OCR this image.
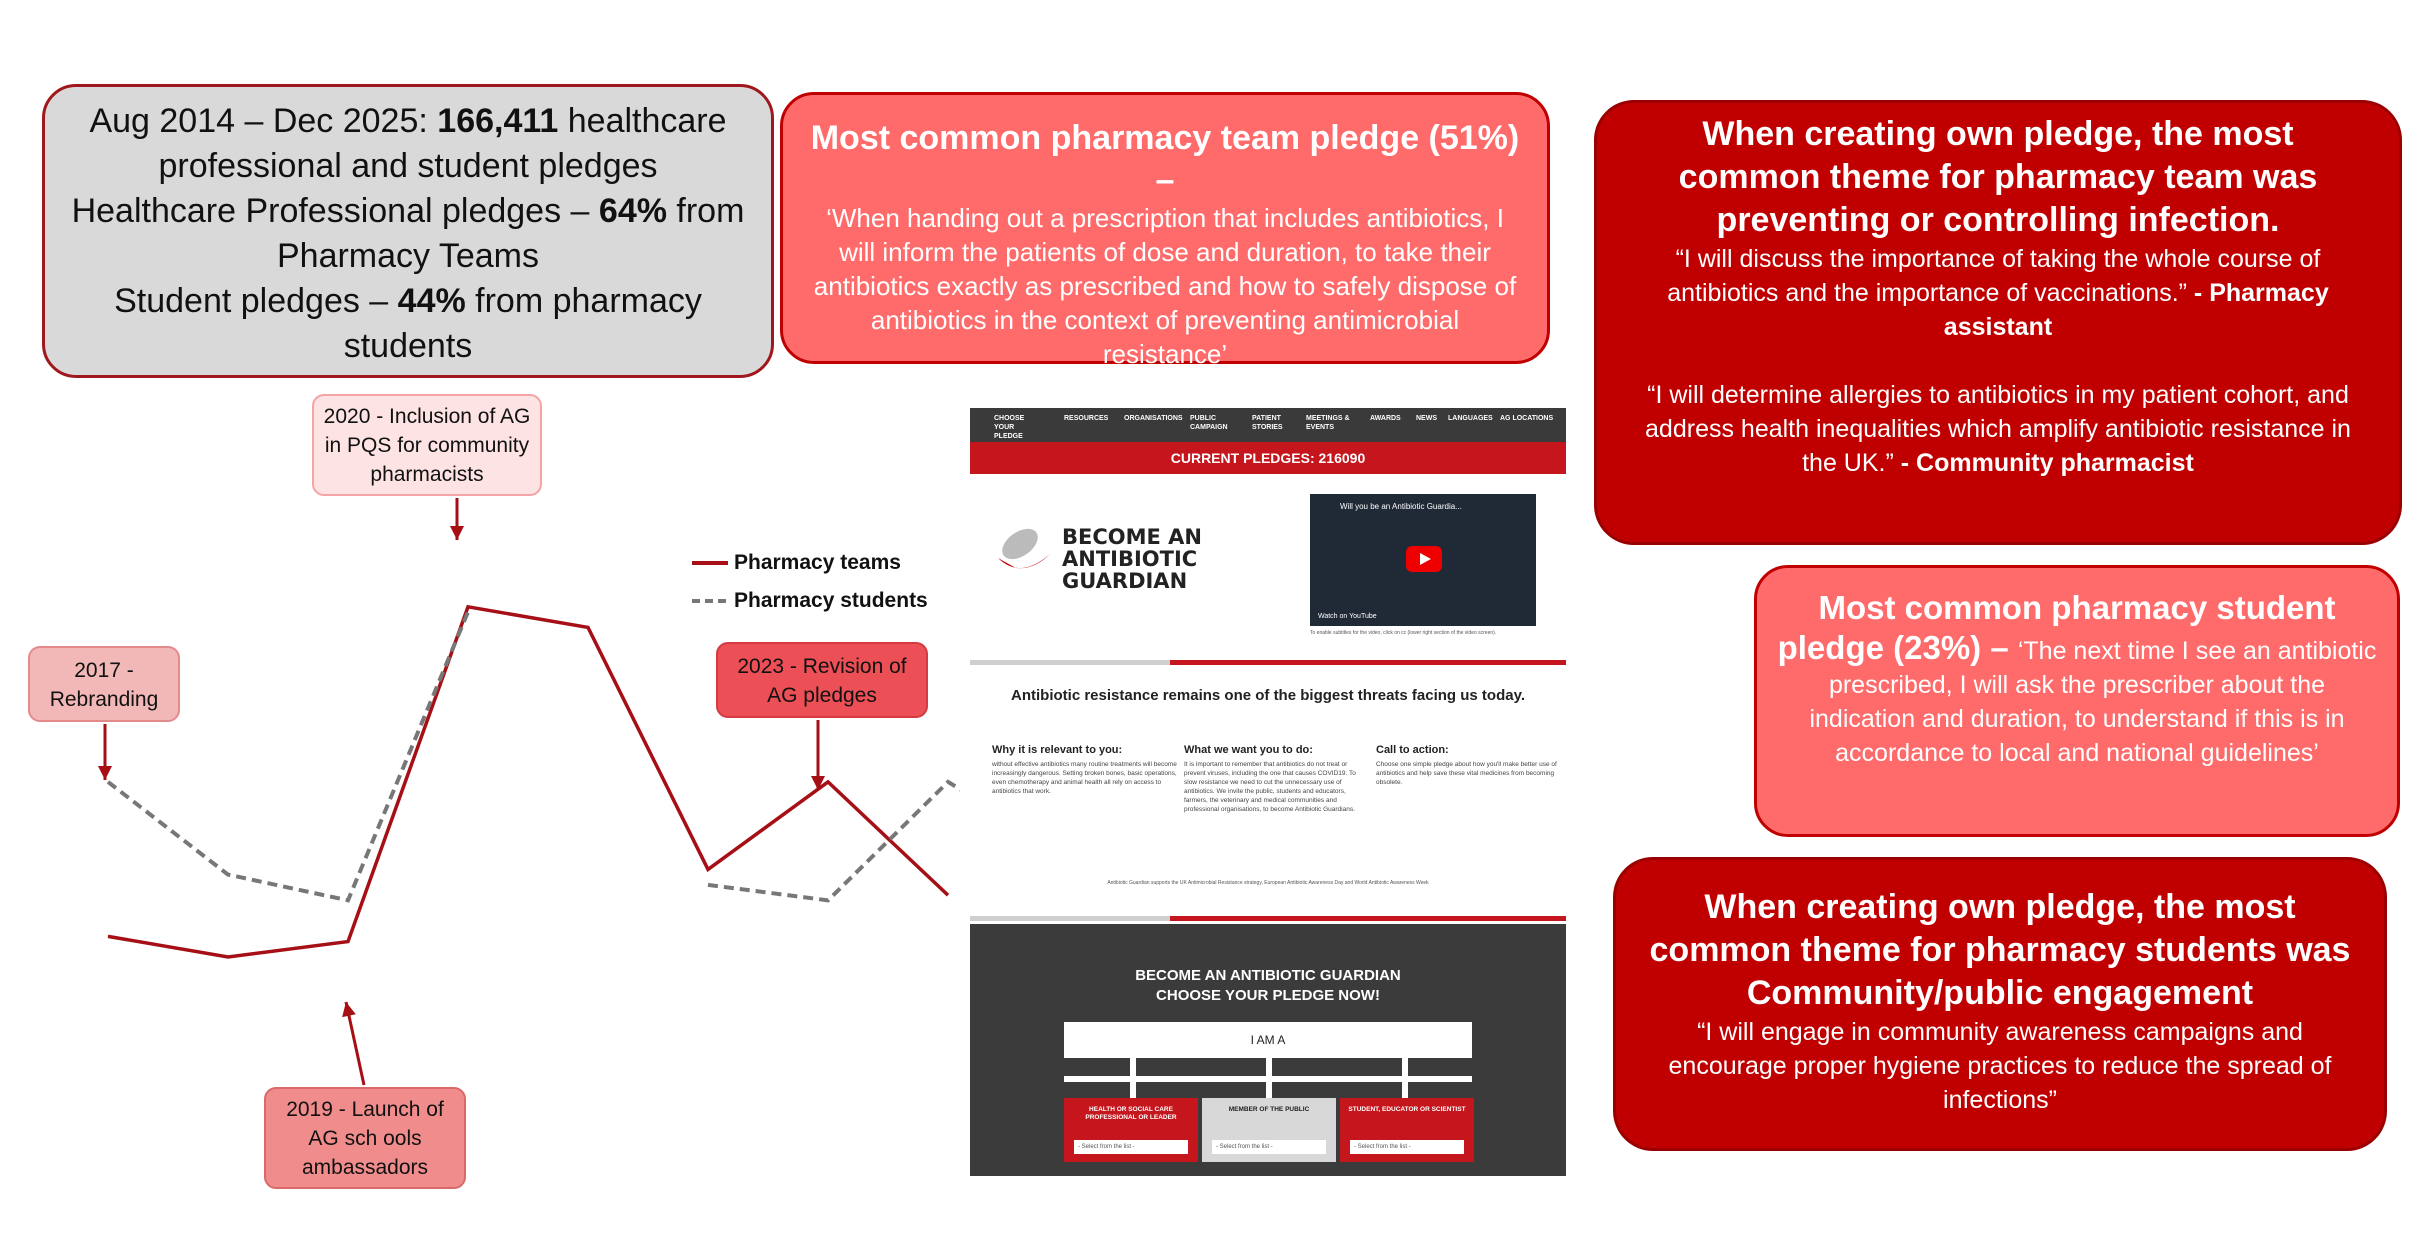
Aug 2014 – Dec 2025: 166,411 healthcare professional and student pledges
Healthcare Professional pledges – 64% from Pharmacy Teams
Student pledges – 44% from pharmacy students
Most common pharmacy team pledge (51%) –
‘When handing out a prescription that includes antibiotics, I will inform the patients of dose and duration, to take their antibiotics exactly as prescribed and how to safely dispose of antibiotics in the context of preventing antimicrobial resistance’
When creating own pledge, the most common theme for pharmacy team was preventing or controlling infection.
“I will discuss the importance of taking the whole course of antibiotics and the importance of vaccinations.” - Pharmacy assistant
“I will determine allergies to antibiotics in my patient cohort, and address health inequalities which amplify antibiotic resistance in the UK.” - Community pharmacist
Most common pharmacy student pledge (23%) – ‘The next time I see an antibiotic prescribed, I will ask the prescriber about the indication and duration, to understand if this is in accordance to local and national guidelines’
When creating own pledge, the most common theme for pharmacy students was Community/public engagement
“I will engage in community awareness campaigns and encourage proper hygiene practices to reduce the spread of infections”
2020 - Inclusion of AG in PQS for community pharmacists
2017 - Rebranding
2023 - Revision of AG pledges
2019 - Launch of AG sch ools ambassadors
Pharmacy teams
Pharmacy students
CHOOSE YOUR PLEDGE
RESOURCES	ORGANISATIONS PUBLIC CAMPAIGN
PATIENT STORIES
MEETINGS & EVENTS
AWARDS	NEWS	LANGUAGES AG LOCATIONS
CURRENT PLEDGES: 216090
BECOME AN ANTIBIOTIC GUARDIAN
Will you be an Antibiotic Guardia...
Watch on YouTube
To enable subtitles for the video, click on cc (lower right section of the video screen).
Antibiotic resistance remains one of the biggest threats facing us today.
Why it is relevant to you:
without effective antibiotics many routine treatments will become increasingly dangerous. Setting broken bones, basic operations, even chemotherapy and animal health all rely on access to antibiotics that work.
What we want you to do:
It is important to remember that antibiotics do not treat or prevent viruses, including the one that causes COVID19. To slow resistance we need to cut the unnecessary use of antibiotics. We invite the public, students and educators, farmers, the veterinary and medical communities and professional organisations, to become Antibiotic Guardians.
Call to action:
Choose one simple pledge about how you'll make better use of antibiotics and help save these vital medicines from becoming obsolete.
Antibiotic Guardian supports the UK Antimicrobial Resistance strategy, European Antibiotic Awareness Day and World Antibiotic Awareness Week
BECOME AN ANTIBIOTIC GUARDIAN CHOOSE YOUR PLEDGE NOW!
I AM A
HEALTH OR SOCIAL CARE PROFESSIONAL OR LEADER
- Select from the list -
MEMBER OF THE PUBLIC
- Select from the list -
STUDENT, EDUCATOR OR SCIENTIST
- Select from the list -
